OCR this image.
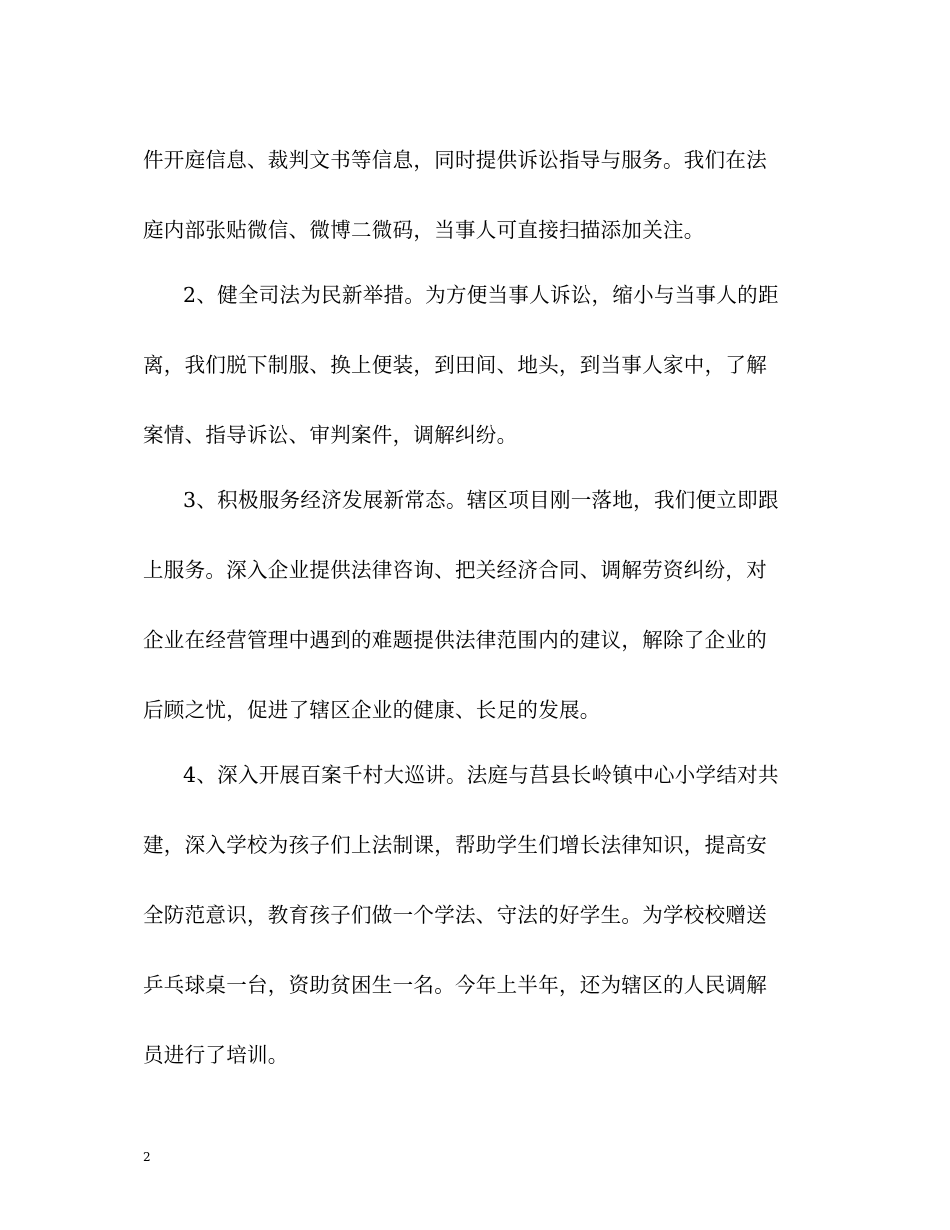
件开庭信息、裁判文书等信息，同时提供诉讼指导与服务。我们在法
庭内部张贴微信、微博二微码，当事人可直接扫描添加关注。
2、健全司法为民新举措。为方便当事人诉讼，缩小与当事人的距
离，我们脱下制服、换上便装，到田间、地头，到当事人家中，了解
案情、指导诉讼、审判案件，调解纠纷。
3、积极服务经济发展新常态。辖区项目刚一落地，我们便立即跟
上服务。深入企业提供法律咨询、把关经济合同、调解劳资纠纷，对
企业在经营管理中遇到的难题提供法律范围内的建议，解除了企业的
后顾之忧，促进了辖区企业的健康、长足的发展。
4、深入开展百案千村大巡讲。法庭与莒县长岭镇中心小学结对共
建，深入学校为孩子们上法制课，帮助学生们增长法律知识，提高安
全防范意识，教育孩子们做一个学法、守法的好学生。为学校校赠送
乒乓球桌一台，资助贫困生一名。今年上半年，还为辖区的人民调解
员进行了培训。
2
